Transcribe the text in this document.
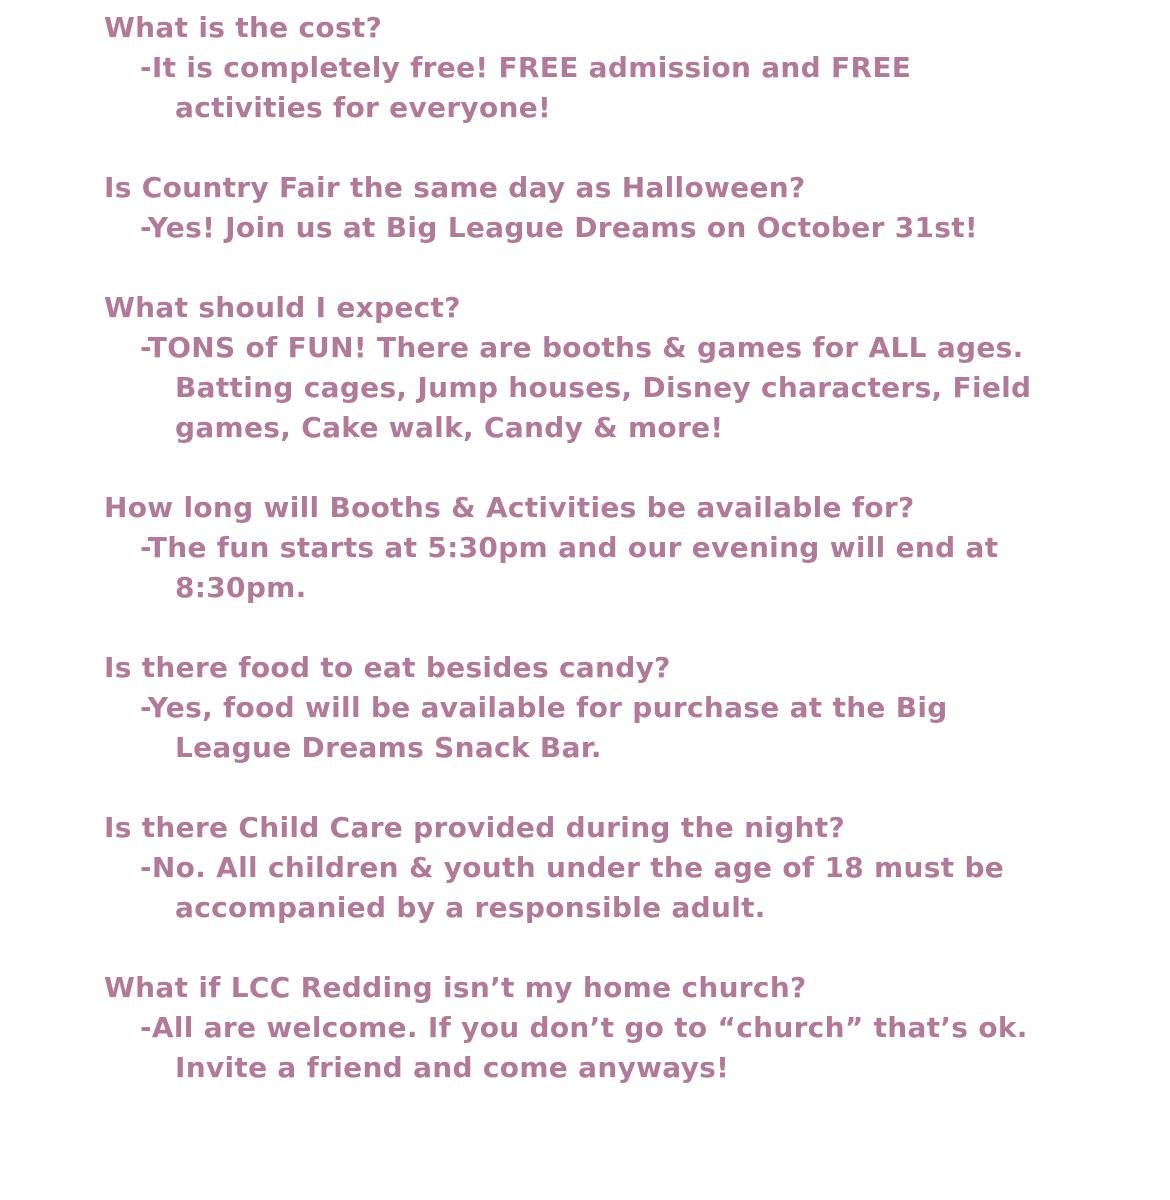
What is the cost?

-It is completely free! FREE admission and FREE activities for everyone!

Is Country Fair the same day as Halloween?

-Yes! Join us at Big League Dreams on October 31st!

What should I expect?

-TONS of FUN! There are booths & games for ALL ages. Batting cages, Jump houses, Disney characters, Field games, Cake walk, Candy & more!

How long will Booths & Activities be available for?

-The fun starts at 5:30pm and our evening will end at 8:30pm.

Is there food to eat besides candy?

-Yes, food will be available for purchase at the Big League Dreams Snack Bar.

Is there Child Care provided during the night?

-No. All children & youth under the age of 18 must be accompanied by a responsible adult.

What if LCC Redding isn’t my home church?

-All are welcome. If you don’t go to “church” that’s ok. Invite a friend and come anyways!
